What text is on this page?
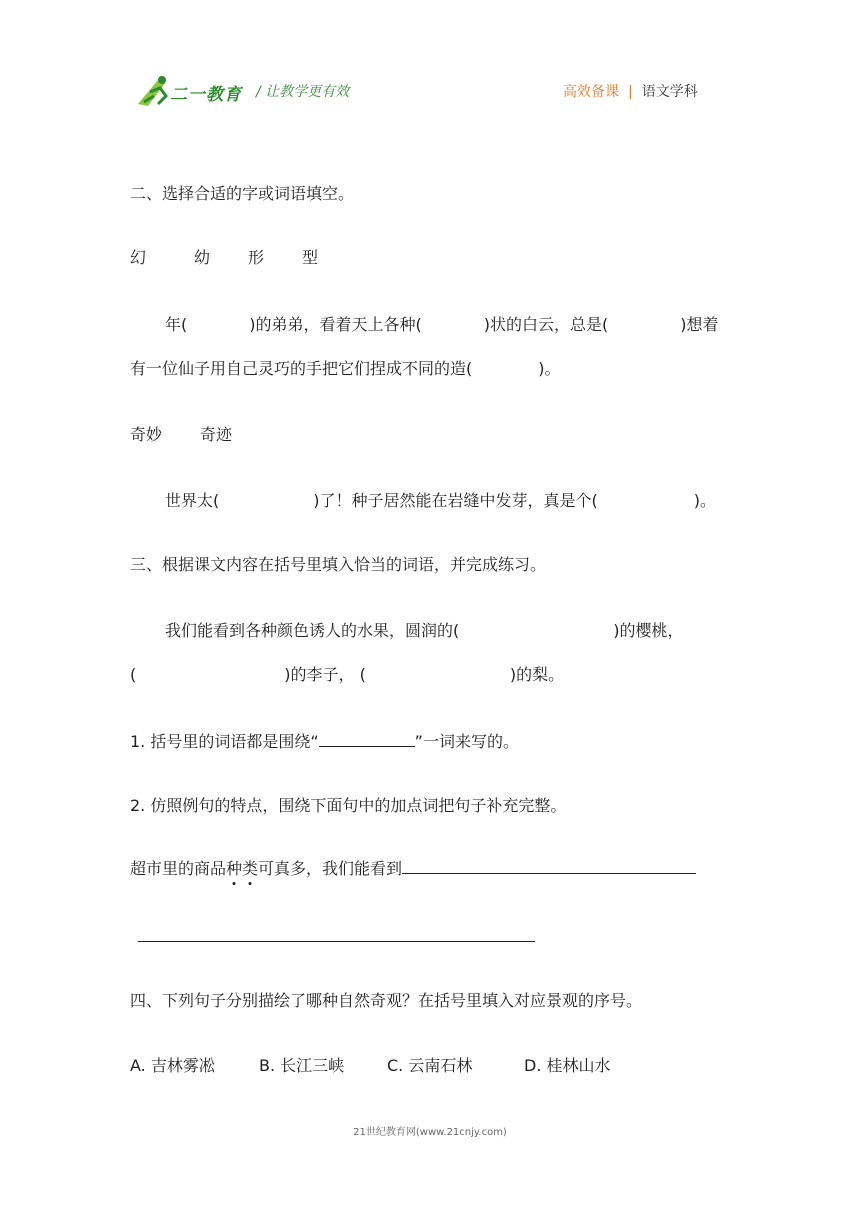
二一教育 / 让教学更有效	高效备课 | 语文学科
二、选择合适的字或词语填空。
幻	幼 形 型
年(	)的弟弟，看着天上各种(	)状的白云，总是(	)想着
有一位仙子用自己灵巧的手把它们捏成不同的造(	)。
奇妙 奇迹
世界太(	)了！种子居然能在岩缝中发芽，真是个(	)。
三、根据课文内容在括号里填入恰当的词语，并完成练习。
我们能看到各种颜色诱人的水果，圆润的(	)的樱桃，
(	)的李子， (	)的梨。
1. 括号里的词语都是围绕“	”一词来写的。
2. 仿照例句的特点，围绕下面句中的加点词把句子补充完整。
超市里的商品种类可真多，我们能看到
四、下列句子分别描绘了哪种自然奇观？在括号里填入对应景观的序号。
A. 吉林雾凇	B. 长江三峡	C. 云南石林	D. 桂林山水
21世纪教育网(www.21cnjy.com)
